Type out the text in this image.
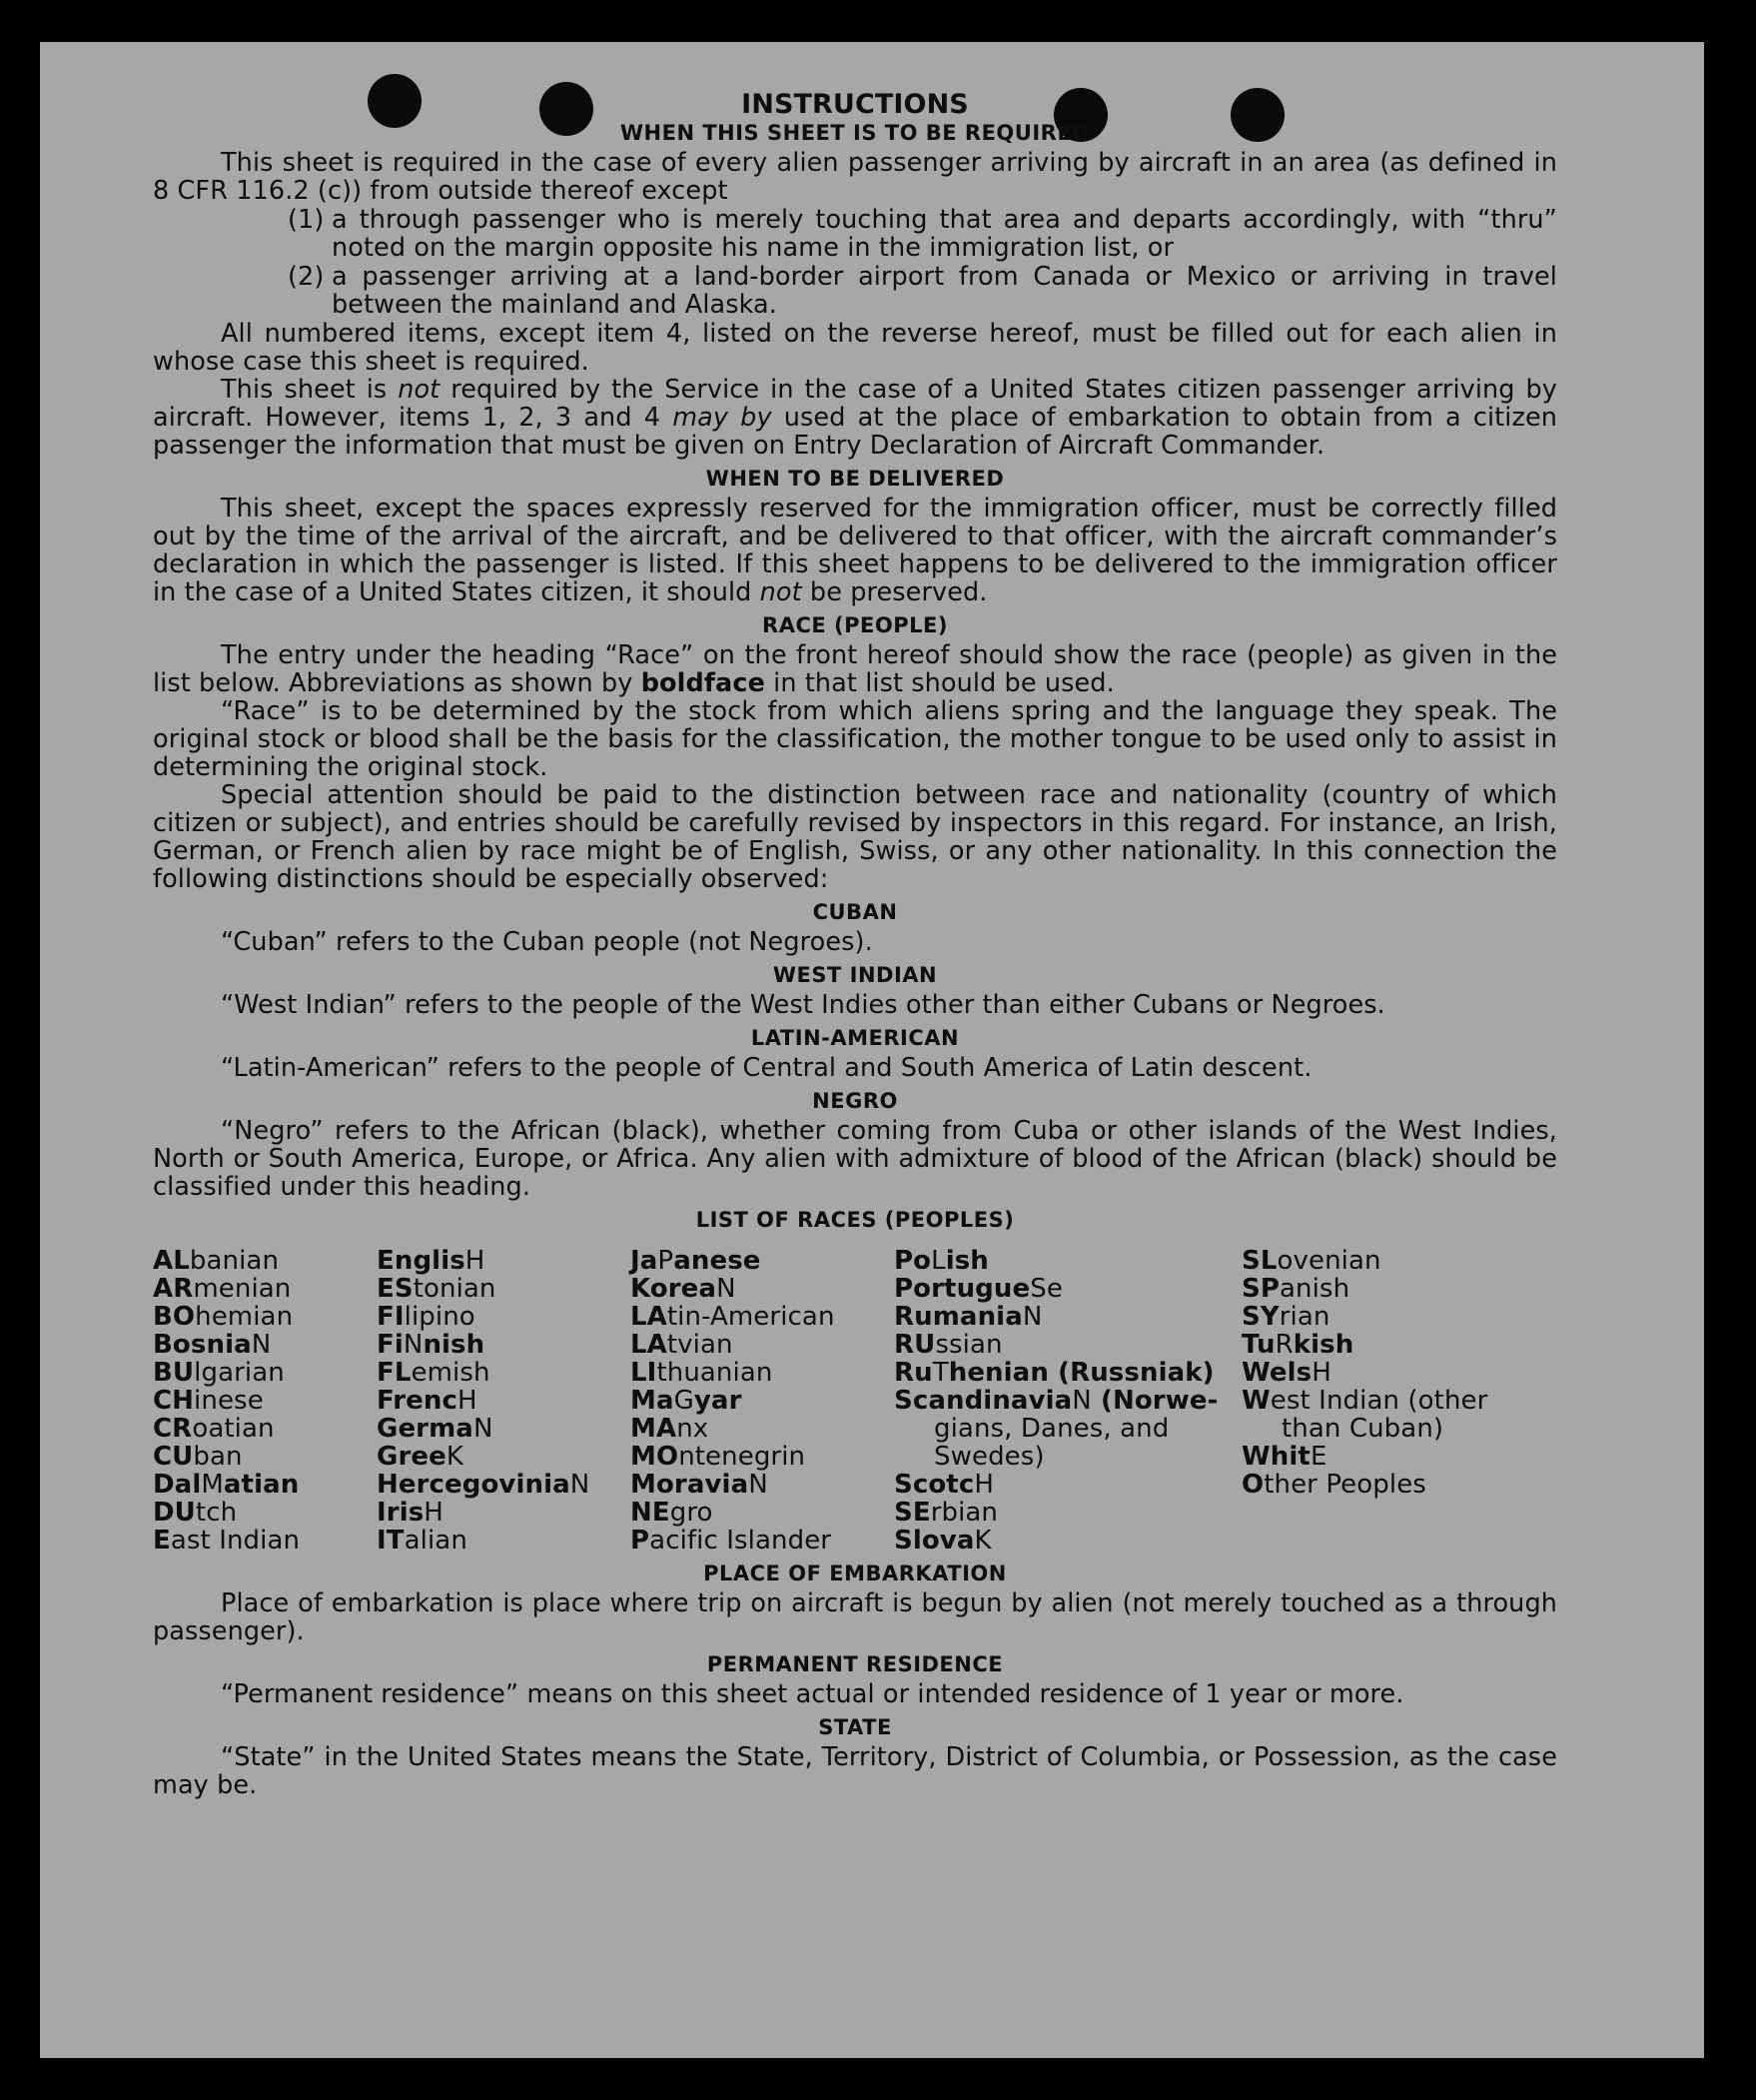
INSTRUCTIONS
WHEN THIS SHEET IS TO BE REQUIRED

This sheet is required in the case of every alien passenger arriving by aircraft in an area (as defined in 8 CFR 116.2 (c)) from outside thereof except

(1) a through passenger who is merely touching that area and departs accordingly, with “thru” noted on the margin opposite his name in the immigration list, or
(2) a passenger arriving at a land-border airport from Canada or Mexico or arriving in travel between the mainland and Alaska.

All numbered items, except item 4, listed on the reverse hereof, must be filled out for each alien in whose case this sheet is required.

This sheet is not required by the Service in the case of a United States citizen passenger arriving by aircraft. However, items 1, 2, 3 and 4 may by used at the place of embarkation to obtain from a citizen passenger the information that must be given on Entry Declaration of Aircraft Commander.

WHEN TO BE DELIVERED

This sheet, except the spaces expressly reserved for the immigration officer, must be correctly filled out by the time of the arrival of the aircraft, and be delivered to that officer, with the aircraft commander’s declaration in which the passenger is listed. If this sheet happens to be delivered to the immigration officer in the case of a United States citizen, it should not be preserved.

RACE (PEOPLE)

The entry under the heading “Race” on the front hereof should show the race (people) as given in the list below. Abbreviations as shown by boldface in that list should be used.

“Race” is to be determined by the stock from which aliens spring and the language they speak. The original stock or blood shall be the basis for the classification, the mother tongue to be used only to assist in determining the original stock.

Special attention should be paid to the distinction between race and nationality (country of which citizen or subject), and entries should be carefully revised by inspectors in this regard. For instance, an Irish, German, or French alien by race might be of English, Swiss, or any other nationality. In this connection the following distinctions should be especially observed:

CUBAN

“Cuban” refers to the Cuban people (not Negroes).

WEST INDIAN

“West Indian” refers to the people of the West Indies other than either Cubans or Negroes.

LATIN-AMERICAN

“Latin-American” refers to the people of Central and South America of Latin descent.

NEGRO

“Negro” refers to the African (black), whether coming from Cuba or other islands of the West Indies, North or South America, Europe, or Africa. Any alien with admixture of blood of the African (black) should be classified under this heading.

LIST OF RACES (PEOPLES)
ALbanian
ARmenian
BOhemian
BosniaN
BUlgarian
CHinese
CRoatian
CUban
DalMatian
DUtch
East Indian
EnglisH
EStonian
FIlipino
FiNnish
FLemish
FrencH
GermaN
GreeK
HercegoviniaN
IrisH
ITalian
JaPanese
KoreaN
LAtin-American
LAtvian
LIthuanian
MaGyar
MAnx
MOntenegrin
MoraviaN
NEgro
Pacific Islander
PoLish
PortugueSe
RumaniaN
RUssian
RuThenian (Russniak)
ScandinaviaN (Norwe-
gians, Danes, and
Swedes)
ScotcH
SErbian
SlovaK
SLovenian
SPanish
SYrian
TuRkish
WelsH
West Indian (other
than Cuban)
WhitE
Other Peoples
PLACE OF EMBARKATION

Place of embarkation is place where trip on aircraft is begun by alien (not merely touched as a through passenger).

PERMANENT RESIDENCE

“Permanent residence” means on this sheet actual or intended residence of 1 year or more.

STATE

“State” in the United States means the State, Territory, District of Columbia, or Possession, as the case may be.
